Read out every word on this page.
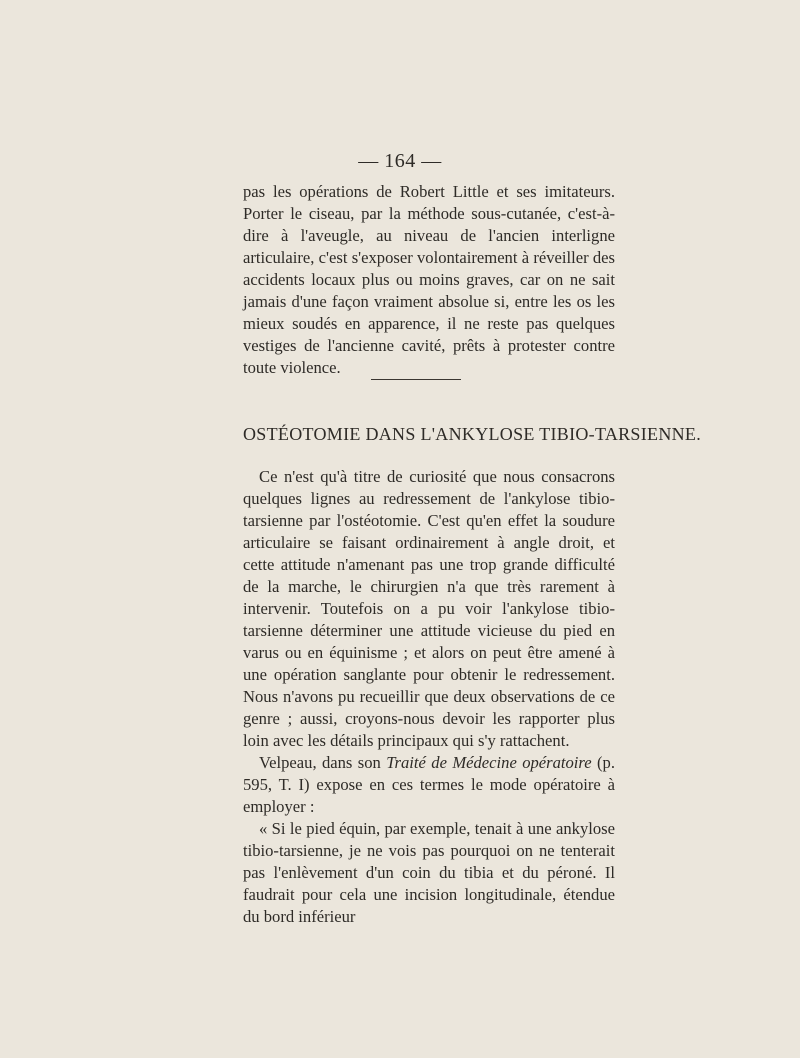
— 164 —

pas les opérations de Robert Little et ses imitateurs. Porter le ciseau, par la méthode sous-cutanée, c'est-à-dire à l'aveugle, au niveau de l'ancien interligne articulaire, c'est s'exposer volontairement à réveiller des accidents locaux plus ou moins graves, car on ne sait jamais d'une façon vraiment absolue si, entre les os les mieux soudés en apparence, il ne reste pas quelques vestiges de l'ancienne cavité, prêts à protester contre toute violence.

OSTÉOTOMIE DANS L'ANKYLOSE TIBIO-TARSIENNE.

Ce n'est qu'à titre de curiosité que nous consacrons quelques lignes au redressement de l'ankylose tibio-tarsienne par l'ostéotomie. C'est qu'en effet la soudure articulaire se faisant ordinairement à angle droit, et cette attitude n'amenant pas une trop grande difficulté de la marche, le chirurgien n'a que très rarement à intervenir. Toutefois on a pu voir l'ankylose tibio-tarsienne déterminer une attitude vicieuse du pied en varus ou en équinisme ; et alors on peut être amené à une opération sanglante pour obtenir le redressement. Nous n'avons pu recueillir que deux observations de ce genre ; aussi, croyons-nous devoir les rapporter plus loin avec les détails principaux qui s'y rattachent.

Velpeau, dans son Traité de Médecine opératoire (p. 595, T. I) expose en ces termes le mode opératoire à employer :

« Si le pied équin, par exemple, tenait à une ankylose tibio-tarsienne, je ne vois pas pourquoi on ne tenterait pas l'enlèvement d'un coin du tibia et du péroné. Il faudrait pour cela une incision longitudinale, étendue du bord inférieur
